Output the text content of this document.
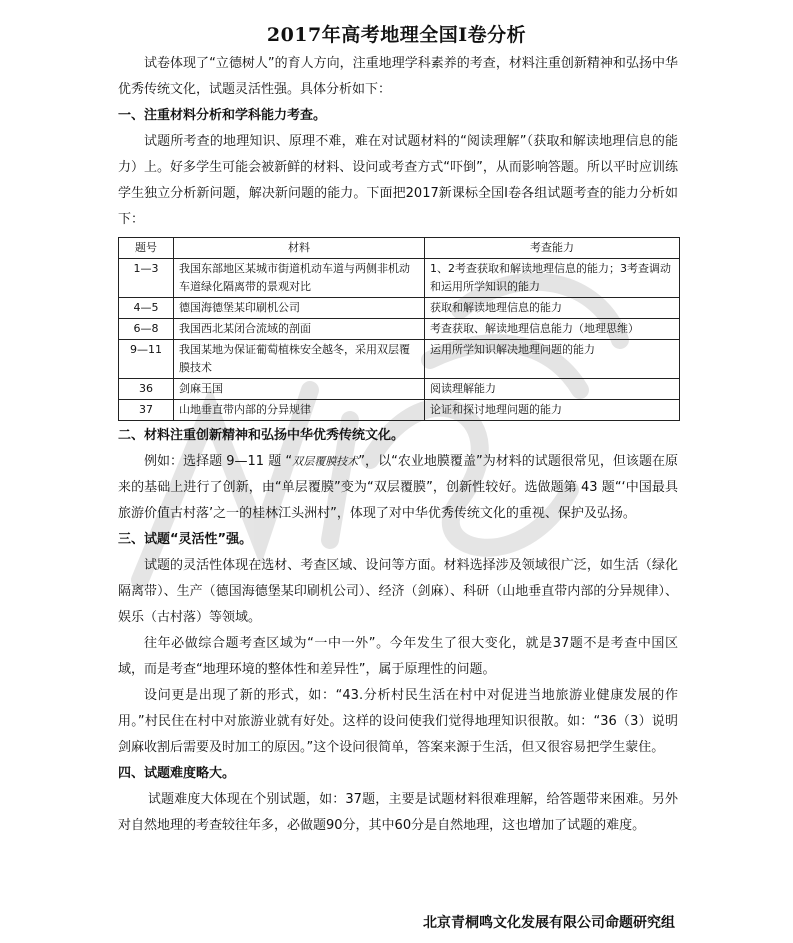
2017年高考地理全国Ⅰ卷分析

试卷体现了“立德树人”的育人方向，注重地理学科素养的考查，材料注重创新精神和弘扬中华优秀传统文化，试题灵活性强。具体分析如下：

一、注重材料分析和学科能力考查。

试题所考查的地理知识、原理不难，难在对试题材料的“阅读理解”（获取和解读地理信息的能力）上。好多学生可能会被新鲜的材料、设问或考查方式“吓倒”，从而影响答题。所以平时应训练学生独立分析新问题，解决新问题的能力。下面把2017新课标全国Ⅰ卷各组试题考查的能力分析如下：

题号	材料	考查能力
1—3	我国东部地区某城市街道机动车道与两侧非机动车道绿化隔离带的景观对比	1、2考查获取和解读地理信息的能力；3考查调动和运用所学知识的能力
4—5	德国海德堡某印刷机公司	获取和解读地理信息的能力
6—8	我国西北某闭合流域的剖面	考查获取、解读地理信息能力（地理思维）
9—11	我国某地为保证葡萄植株安全越冬，采用双层覆膜技术	运用所学知识解决地理问题的能力
36	剑麻王国	阅读理解能力
37	山地垂直带内部的分异规律	论证和探讨地理问题的能力
二、材料注重创新精神和弘扬中华优秀传统文化。

例如：选择题 9—11 题 “双层覆膜技术”，以“农业地膜覆盖”为材料的试题很常见，但该题在原来的基础上进行了创新，由“单层覆膜”变为“双层覆膜”，创新性较好。选做题第 43 题“‘中国最具旅游价值古村落’之一的桂林江头洲村”，体现了对中华优秀传统文化的重视、保护及弘扬。

三、试题“灵活性”强。

试题的灵活性体现在选材、考查区域、设问等方面。材料选择涉及领域很广泛，如生活（绿化隔离带）、生产（德国海德堡某印刷机公司）、经济（剑麻）、科研（山地垂直带内部的分异规律）、娱乐（古村落）等领域。

往年必做综合题考查区域为“一中一外”。今年发生了很大变化，就是37题不是考查中国区域，而是考查“地理环境的整体性和差异性”，属于原理性的问题。

设问更是出现了新的形式，如：“43.分析村民生活在村中对促进当地旅游业健康发展的作用。”村民住在村中对旅游业就有好处。这样的设问使我们觉得地理知识很散。如：“36（3）说明剑麻收割后需要及时加工的原因。”这个设问很简单，答案来源于生活，但又很容易把学生蒙住。

四、试题难度略大。

试题难度大体现在个别试题，如：37题，主要是试题材料很难理解，给答题带来困难。另外对自然地理的考查较往年多，必做题90分，其中60分是自然地理，这也增加了试题的难度。

北京青桐鸣文化发展有限公司命题研究组
